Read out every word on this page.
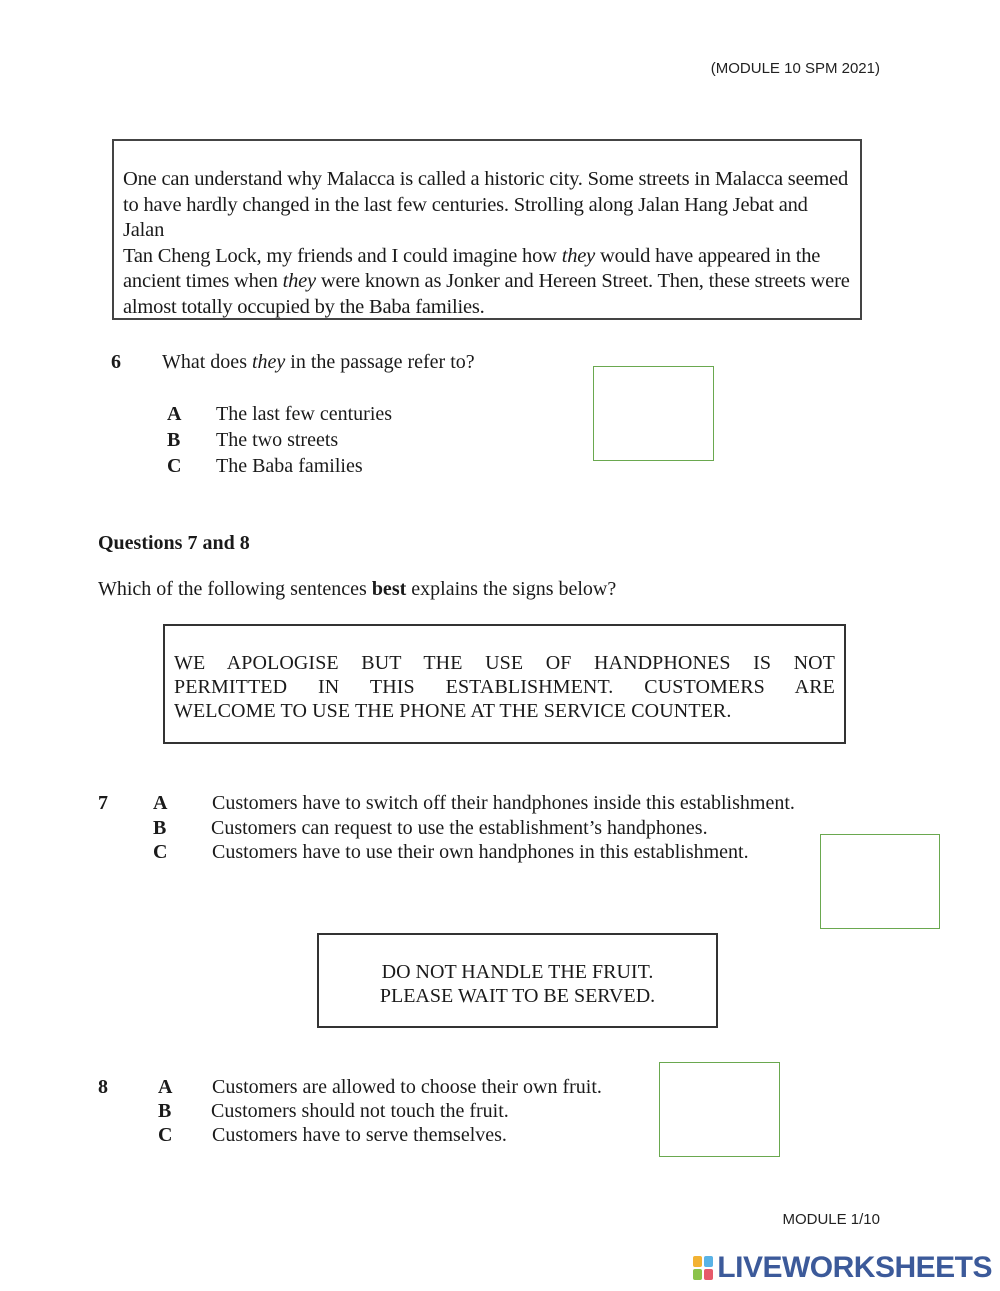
(MODULE 10 SPM 2021)

One can understand why Malacca is called a historic city. Some streets in Malacca seemed

to have hardly changed in the last few centuries. Strolling along Jalan Hang Jebat and Jalan

Tan Cheng Lock, my friends and I could imagine how they would have appeared in the

ancient times when they were known as Jonker and Hereen Street. Then, these streets were

almost totally occupied by the Baba families.

6 What does they in the passage refer to?
A The last few centuries
B The two streets
C The Baba families
Questions 7 and 8
Which of the following sentences best explains the signs below?
WE APOLOGISE BUT THE USE OF HANDPHONES IS NOT
PERMITTED IN THIS ESTABLISHMENT. CUSTOMERS ARE
WELCOME TO USE THE PHONE AT THE SERVICE COUNTER.
7 A Customers have to switch off their handphones inside this establishment.
B Customers can request to use the establishment’s handphones.
C Customers have to use their own handphones in this establishment.
DO NOT HANDLE THE FRUIT.
PLEASE WAIT TO BE SERVED.
8	A Customers are allowed to choose their own fruit.
B Customers should not touch the fruit.
C Customers have to serve themselves.
MODULE 1/10
LIVEWORKSHEETS
